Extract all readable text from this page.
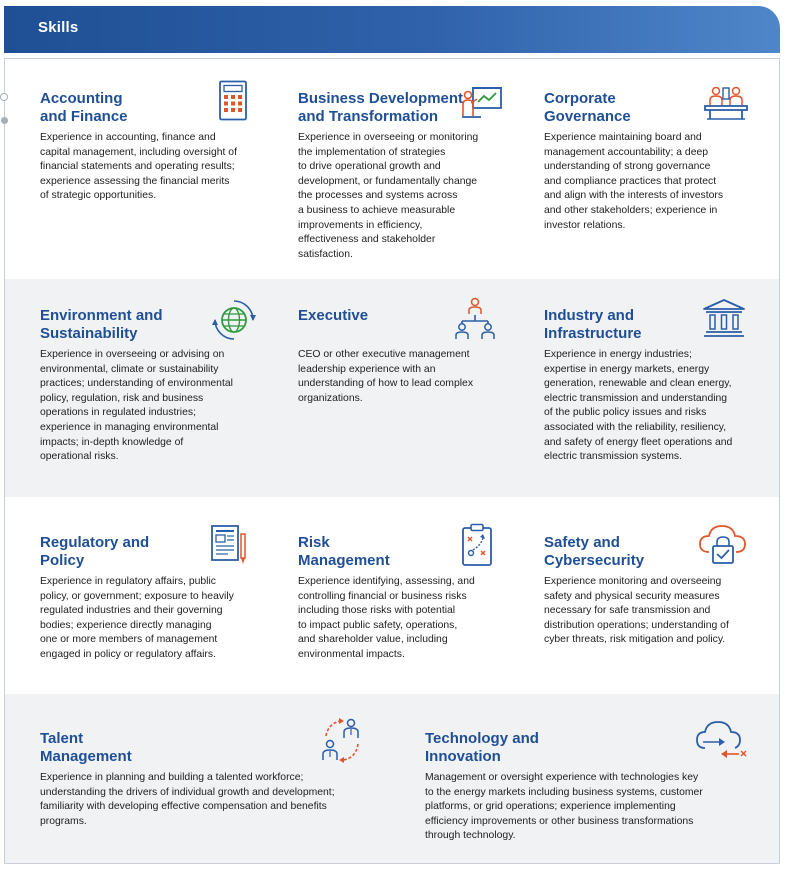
Skills
Accounting
and Finance
Experience in accounting, finance and
capital management, including oversight of
financial statements and operating results;
experience assessing the financial merits
of strategic opportunities.
Business Development
and Transformation
Experience in overseeing or monitoring
the implementation of strategies
to drive operational growth and
development, or fundamentally change
the processes and systems across
a business to achieve measurable
improvements in efficiency,
effectiveness and stakeholder
satisfaction.
Corporate
Governance
Experience maintaining board and
management accountability; a deep
understanding of strong governance
and compliance practices that protect
and align with the interests of investors
and other stakeholders; experience in
investor relations.
Environment and
Sustainability
Experience in overseeing or advising on
environmental, climate or sustainability
practices; understanding of environmental
policy, regulation, risk and business
operations in regulated industries;
experience in managing environmental
impacts; in-depth knowledge of
operational risks.
Executive
CEO or other executive management
leadership experience with an
understanding of how to lead complex
organizations.
Industry and
Infrastructure
Experience in energy industries;
expertise in energy markets, energy
generation, renewable and clean energy,
electric transmission and understanding
of the public policy issues and risks
associated with the reliability, resiliency,
and safety of energy fleet operations and
electric transmission systems.
Regulatory and
Policy
Experience in regulatory affairs, public
policy, or government; exposure to heavily
regulated industries and their governing
bodies; experience directly managing
one or more members of management
engaged in policy or regulatory affairs.
Risk
Management
Experience identifying, assessing, and
controlling financial or business risks
including those risks with potential
to impact public safety, operations,
and shareholder value, including
environmental impacts.
Safety and
Cybersecurity
Experience monitoring and overseeing
safety and physical security measures
necessary for safe transmission and
distribution operations; understanding of
cyber threats, risk mitigation and policy.
Talent
Management
Experience in planning and building a talented workforce;
understanding the drivers of individual growth and development;
familiarity with developing effective compensation and benefits
programs.
Technology and
Innovation
Management or oversight experience with technologies key
to the energy markets including business systems, customer
platforms, or grid operations; experience implementing
efficiency improvements or other business transformations
through technology.
